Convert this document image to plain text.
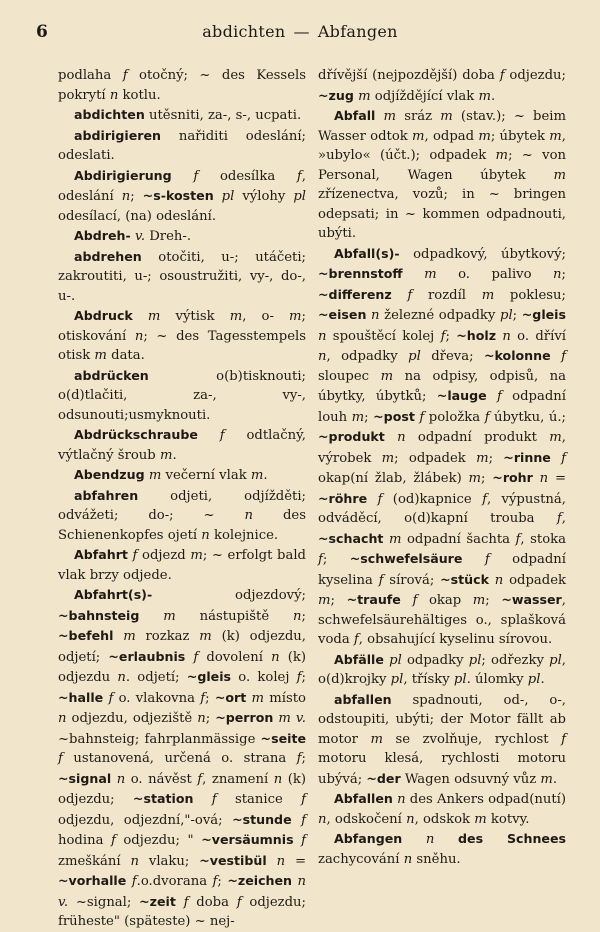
6	abdichten — Abfangen
podlaha f otočný; ~ des Kessels pokrytí n kotlu.
abdichten utěsniti, za-, s-, ucpati.
abdirigieren nařiditi odeslání; odeslati.
Abdirigierung f odesílka f, odeslání n; ~s-kosten pl výlohy pl odesílací, (na) odeslání.
Abdreh- v. Dreh-.
abdrehen otočiti, u-; utáčeti; zakroutiti, u-; osoustružiti, vy-, do-, u-.
Abdruck m výtisk m, o- m; otiskování n; ~ des Tagesstempels otisk m data.
abdrücken o(b)tisknouti; o(d)tlačiti, za-, vy-, odsunouti;usmyknouti.
Abdrückschraube f odtlačný, výtlačný šroub m.
Abendzug m večerní vlak m.
abfahren odjeti, odjížděti; odvážeti; do-; ~ n des Schienenkopfes ojetí n kolejnice.
Abfahrt f odjezd m; ~ erfolgt bald vlak brzy odjede.
Abfahrt(s)- odjezdový; ~bahnsteig m nástupiště n; ~befehl m rozkaz m (k) odjezdu, odjetí; ~erlaubnis f dovolení n (k) odjezdu n. odjetí; ~gleis o. kolej f; ~halle f o. vlakovna f; ~ort m místo n odjezdu, odjeziště n; ~perron m v. ~bahnsteig; fahrplanmässige ~seite f ustanovená, určená o. strana f; ~signal n o. návěst f, znamení n (k) odjezdu; ~station f stanice f odjezdu, odjezdní,"-ová; ~stunde f hodina f odjezdu; " ~versäumnis f zmeškání n vlaku; ~vestibül n = ~vorhalle f.o.dvorana f; ~zeichen n v. ~signal; ~zeit f doba f odjezdu; früheste" (späteste) ~ nej-
dřívější (nejpozdější) doba f odjezdu; ~zug m odjíždějící vlak m.
Abfall m sráz m (stav.); ~ beim Wasser odtok m, odpad m; úbytek m, »ubylo« (účt.); odpadek m; ~ von Personal, Wagen úbytek m zřízenectva, vozů; in ~ bringen odepsati; in ~ kommen odpadnouti, ubýti.
Abfall(s)- odpadkový, úbytkový; ~brennstoff m o. palivo n; ~differenz f rozdíl m poklesu; ~eisen n železné odpadky pl; ~gleis n spouštěcí kolej f; ~holz n o. dříví n, odpadky pl dřeva; ~kolonne f sloupec m na odpisy, odpisů, na úbytky, úbytků; ~lauge f odpadní louh m; ~post f položka f úbytku, ú.; ~produkt n odpadní produkt m, výrobek m; odpadek m; ~rinne f okap(ní žlab, žlábek) m; ~rohr n = ~röhre f (od)kapnice f, výpustná, odváděcí, o(d)kapní trouba f, ~schacht m odpadní šachta f, stoka f; ~schwefelsäure f odpadní kyselina f sírová; ~stück n odpadek m; ~traufe f okap m; ~wasser, schwefelsäurehältiges o., splašková voda f, obsahující kyselinu sírovou.
Abfälle pl odpadky pl; odřezky pl, o(d)krojky pl, třísky pl. úlomky pl.
abfallen spadnouti, od-, o-, odstoupiti, ubýti; der Motor fällt ab motor m se zvolňuje, rychlost f motoru klesá, rychlosti motoru ubývá; ~der Wagen odsuvný vůz m.
Abfallen n des Ankers odpad(nutí) n, odskočení n, odskok m kotvy.
Abfangen n des Schnees zachycování n sněhu.
